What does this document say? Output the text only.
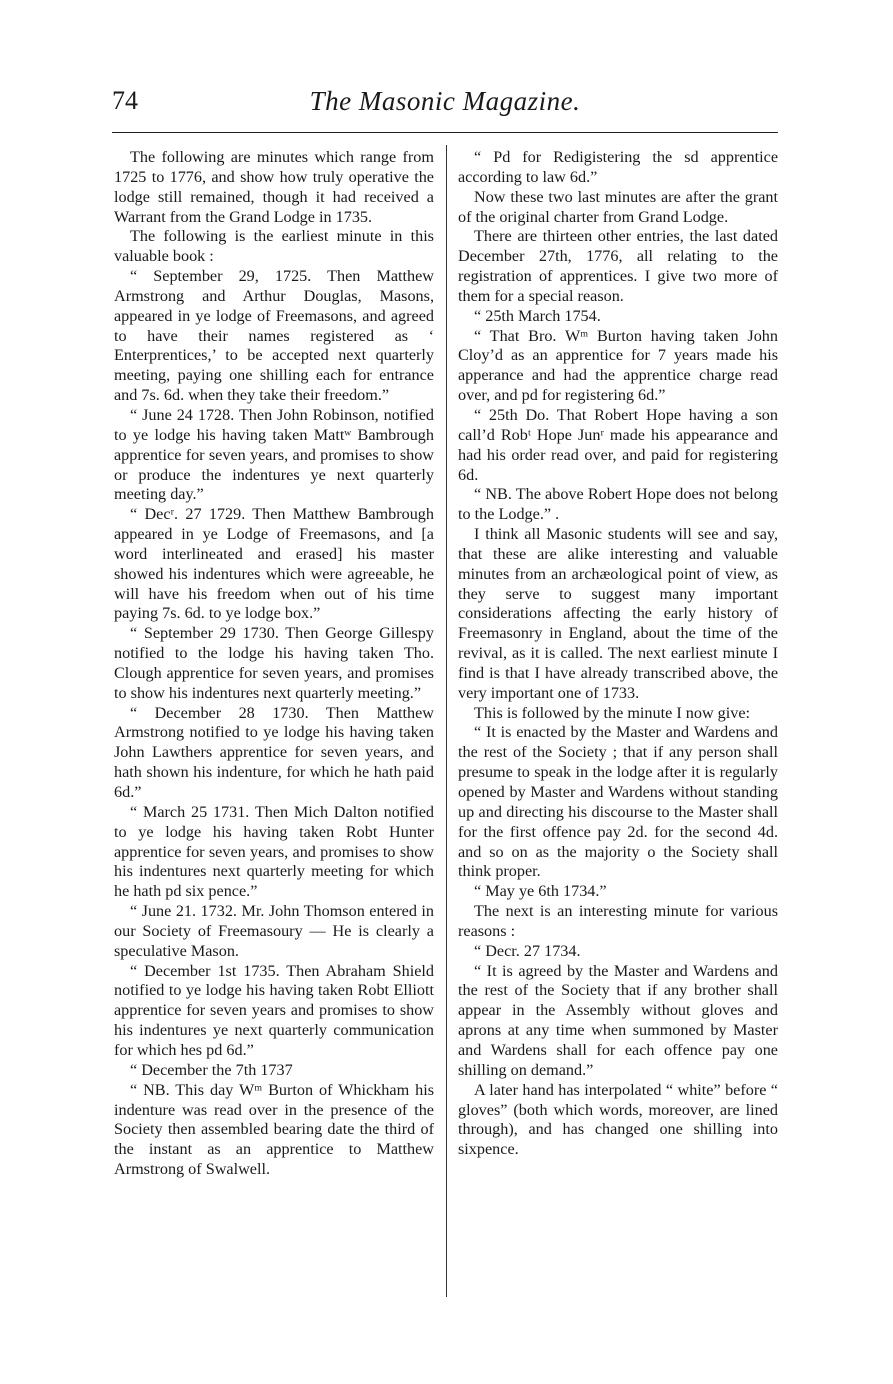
74	The Masonic Magazine.

The following are minutes which range from 1725 to 1776, and show how truly operative the lodge still remained, though it had received a Warrant from the Grand Lodge in 1735.

The following is the earliest minute in this valuable book :

“ September 29, 1725. Then Matthew Armstrong and Arthur Douglas, Masons, appeared in ye lodge of Freemasons, and agreed to have their names registered as ‘ Enterprentices,’ to be accepted next quarterly meeting, paying one shilling each for entrance and 7s. 6d. when they take their freedom.”

“ June 24 1728. Then John Robinson, notified to ye lodge his having taken Mattʷ Bambrough apprentice for seven years, and promises to show or produce the indentures ye next quarterly meeting day.”

“ Decʳ. 27 1729. Then Matthew Bambrough appeared in ye Lodge of Freemasons, and [a word interlineated and erased] his master showed his indentures which were agreeable, he will have his freedom when out of his time paying 7s. 6d. to ye lodge box.”

“ September 29 1730. Then George Gillespy notified to the lodge his having taken Tho. Clough apprentice for seven years, and promises to show his indentures next quarterly meeting.”

“ December 28 1730. Then Matthew Armstrong notified to ye lodge his having taken John Lawthers apprentice for seven years, and hath shown his indenture, for which he hath paid 6d.”

“ March 25 1731. Then Mich Dalton notified to ye lodge his having taken Robt Hunter apprentice for seven years, and promises to show his indentures next quarterly meeting for which he hath pd six pence.”

“ June 21. 1732. Mr. John Thomson entered in our Society of Freemasoury — He is clearly a speculative Mason.

“ December 1st 1735. Then Abraham Shield notified to ye lodge his having taken Robt Elliott apprentice for seven years and promises to show his indentures ye next quarterly communication for which hes pd 6d.”

“ December the 7th 1737

“ NB. This day Wᵐ Burton of Whickham his indenture was read over in the presence of the Society then assembled bearing date the third of the instant as an apprentice to Matthew Armstrong of Swalwell.

“ Pd for Redigistering the sd apprentice according to law 6d.”

Now these two last minutes are after the grant of the original charter from Grand Lodge.

There are thirteen other entries, the last dated December 27th, 1776, all relating to the registration of apprentices. I give two more of them for a special reason.

“ 25th March 1754.

“ That Bro. Wᵐ Burton having taken John Cloy’d as an apprentice for 7 years made his apperance and had the apprentice charge read over, and pd for registering 6d.”

“ 25th Do. That Robert Hope having a son call’d Robᵗ Hope Junʳ made his appearance and had his order read over, and paid for registering 6d.

“ NB. The above Robert Hope does not belong to the Lodge.” .

I think all Masonic students will see and say, that these are alike interesting and valuable minutes from an archæological point of view, as they serve to suggest many important considerations affecting the early history of Freemasonry in England, about the time of the revival, as it is called. The next earliest minute I find is that I have already transcribed above, the very important one of 1733.

This is followed by the minute I now give:

“ It is enacted by the Master and Wardens and the rest of the Society ; that if any person shall presume to speak in the lodge after it is regularly opened by Master and Wardens without standing up and directing his discourse to the Master shall for the first offence pay 2d. for the second 4d. and so on as the majority o the Society shall think proper.

“ May ye 6th 1734.”

The next is an interesting minute for various reasons :

“ Decr. 27 1734.

“ It is agreed by the Master and Wardens and the rest of the Society that if any brother shall appear in the Assembly without gloves and aprons at any time when summoned by Master and Wardens shall for each offence pay one shilling on demand.”

A later hand has interpolated “ white” before “ gloves” (both which words, moreover, are lined through), and has changed one shilling into sixpence.
